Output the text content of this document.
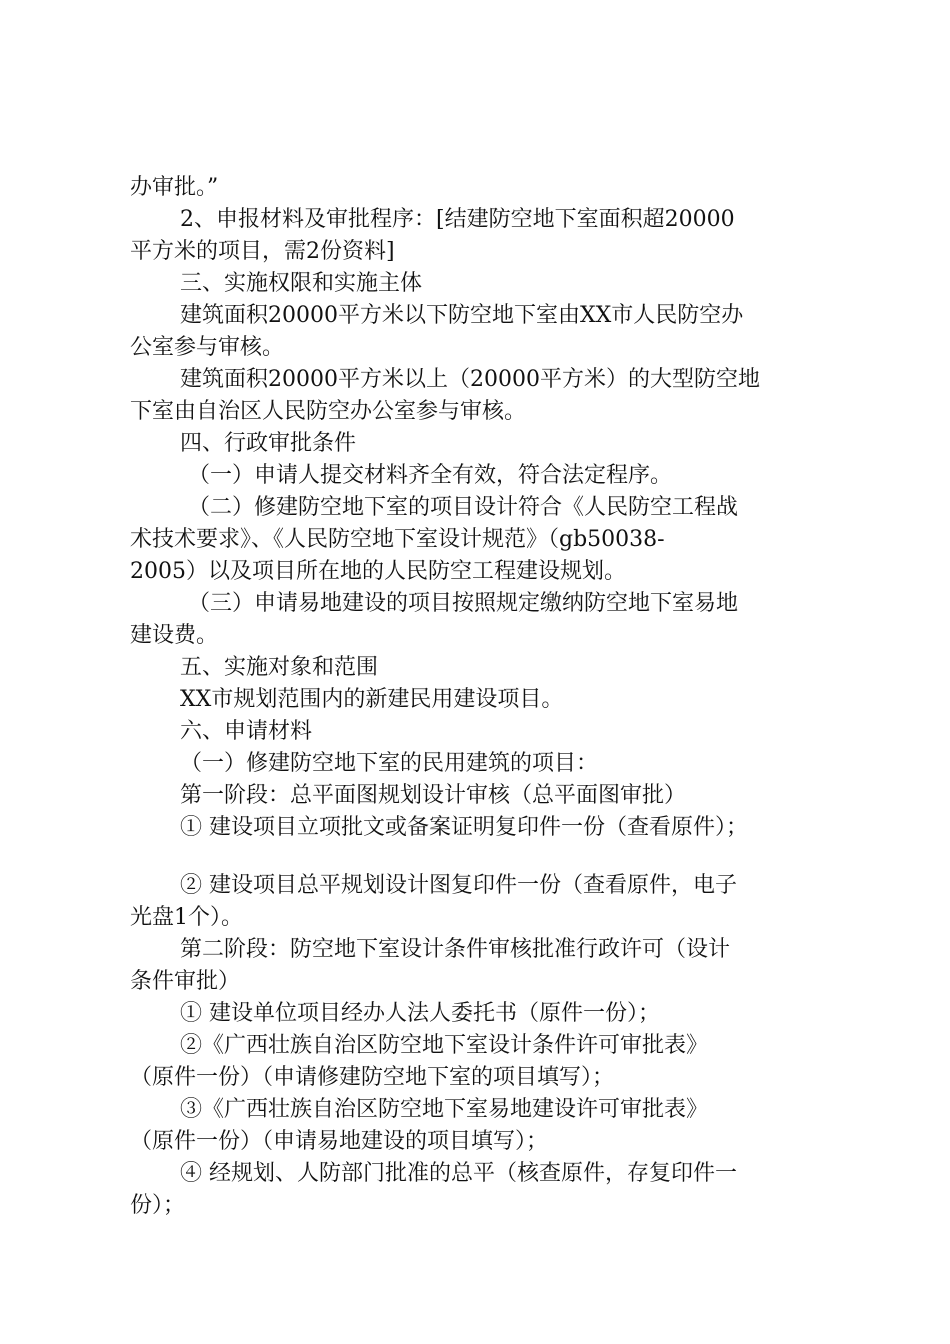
办审批。”
2、申报材料及审批程序：[结建防空地下室面积超20000
平方米的项目，需2份资料]
三、实施权限和实施主体
建筑面积20000平方米以下防空地下室由XX市人民防空办
公室参与审核。
建筑面积20000平方米以上（20000平方米）的大型防空地
下室由自治区人民防空办公室参与审核。
四、行政审批条件
（一）申请人提交材料齐全有效，符合法定程序。
（二）修建防空地下室的项目设计符合《人民防空工程战
术技术要求》、《人民防空地下室设计规范》（gb50038-
2005）以及项目所在地的人民防空工程建设规划。
（三）申请易地建设的项目按照规定缴纳防空地下室易地
建设费。
五、实施对象和范围
XX市规划范围内的新建民用建设项目。
六、申请材料
（一）修建防空地下室的民用建筑的项目：
第一阶段：总平面图规划设计审核（总平面图审批）
① 建设项目立项批文或备案证明复印件一份（查看原件）；
② 建设项目总平规划设计图复印件一份（查看原件，电子
光盘1个）。
第二阶段：防空地下室设计条件审核批准行政许可（设计
条件审批）
① 建设单位项目经办人法人委托书（原件一份）；
②《广西壮族自治区防空地下室设计条件许可审批表》
（原件一份）（申请修建防空地下室的项目填写）；
③《广西壮族自治区防空地下室易地建设许可审批表》
（原件一份）（申请易地建设的项目填写）；
④ 经规划、人防部门批准的总平（核查原件，存复印件一
份）；
